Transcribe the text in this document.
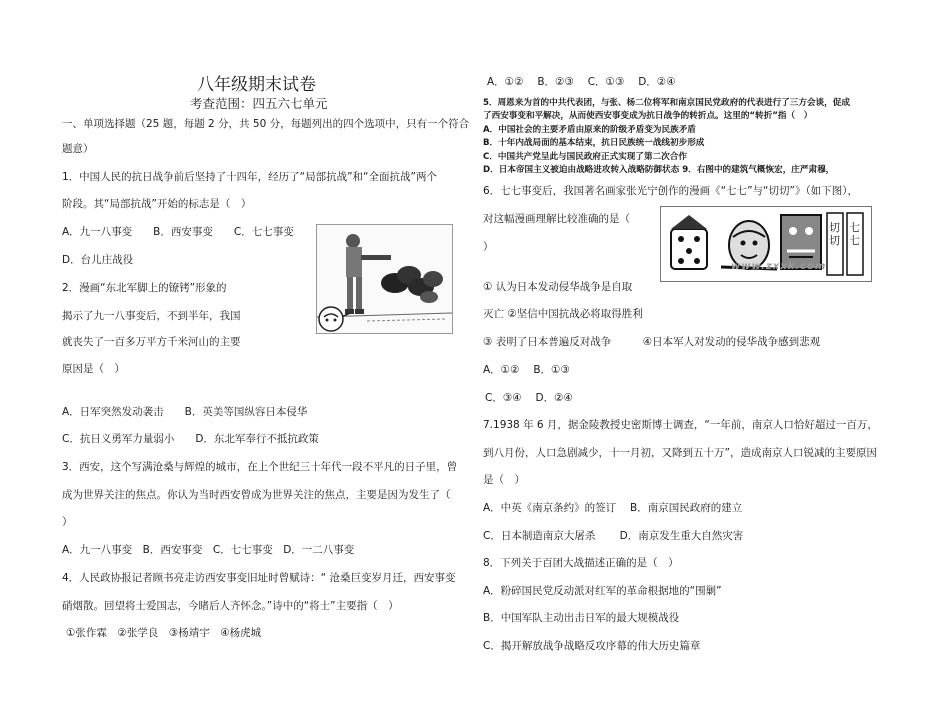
八年级期末试卷
考查范围：四五六七单元
一、单项选择题（25 题，每题 2 分，共 50 分，每题列出的四个选项中，只有一个符合
题意）
1．中国人民的抗日战争前后坚持了十四年，经历了“局部抗战”和“全面抗战”两个
阶段。其“局部抗战”开始的标志是（　）
A．九一八事变　　B．西安事变　　C．七七事变
D．台儿庄战役
2．漫画“东北军脚上的镣铐”形象的
揭示了九一八事变后，不到半年，我国
就丧失了一百多万平方千米河山的主要
原因是（　）
A．日军突然发动袭击　　B．英美等国纵容日本侵华
C．抗日义勇军力量弱小　　D．东北军奉行不抵抗政策
3．西安，这个写满沧桑与辉煌的城市，在上个世纪三十年代一段不平凡的日子里，曾
成为世界关注的焦点。你认为当时西安曾成为世界关注的焦点，主要是因为发生了（
）
A．九一八事变　B．西安事变　C．七七事变　D．一二八事变
4．人民政协报记者顾书亮走访西安事变旧址时曾赋诗：“ 沧桑巨变岁月迁，西安事变
硝烟散。回望将士爱国志，今睹后人齐怀念。”诗中的“将士”主要指（　）
①张作霖　②张学良　③杨靖宇　④杨虎城
A．①②　 B．②③　 C．①③　 D．②④
5．周恩来为首的中共代表团，与张、杨二位将军和南京国民党政府的代表进行了三方会谈，促成
了西安事变和平解决，从而使西安事变成为抗日战争的转折点。这里的“转折”指（　）
A．中国社会的主要矛盾由原来的阶级矛盾变为民族矛盾
B．十年内战局面的基本结束，抗日民族统一战线初步形成
C．中国共产党呈此与国民政府正式实现了第二次合作
D．日本帝国主义被迫由战略进攻转入战略防御状态 9．右图中的建筑气概恢宏，庄严肃穆，
6．七七事变后，我国著名画家张光宁创作的漫画《“七七”与“切切”》（如下图），
对这幅漫画理解比较准确的是（
）
切切
七七
www.zxxk.com
① 认为日本发动侵华战争是自取
灭亡 ②坚信中国抗战必将取得胜利
③ 表明了日本普遍反对战争　　　④日本军人对发动的侵华战争感到悲观
A．①②　 B．①③
C．③④　 D．②④
7.1938 年 6 月，据金陵教授史密斯博士调查，“一年前，南京人口恰好超过一百万，
到八月份，人口急剧减少，十一月初，又降到五十万”，造成南京人口锐减的主要原因
是（　）
A．中英《南京条约》的签订　 B．南京国民政府的建立
C．日本制造南京大屠杀　　 D．南京发生重大自然灾害
8．下列关于百团大战描述正确的是（　）
A．粉碎国民党反动派对红军的革命根据地的“围剿”
B．中国军队主动出击日军的最大规模战役
C．揭开解放战争战略反攻序幕的伟大历史篇章
